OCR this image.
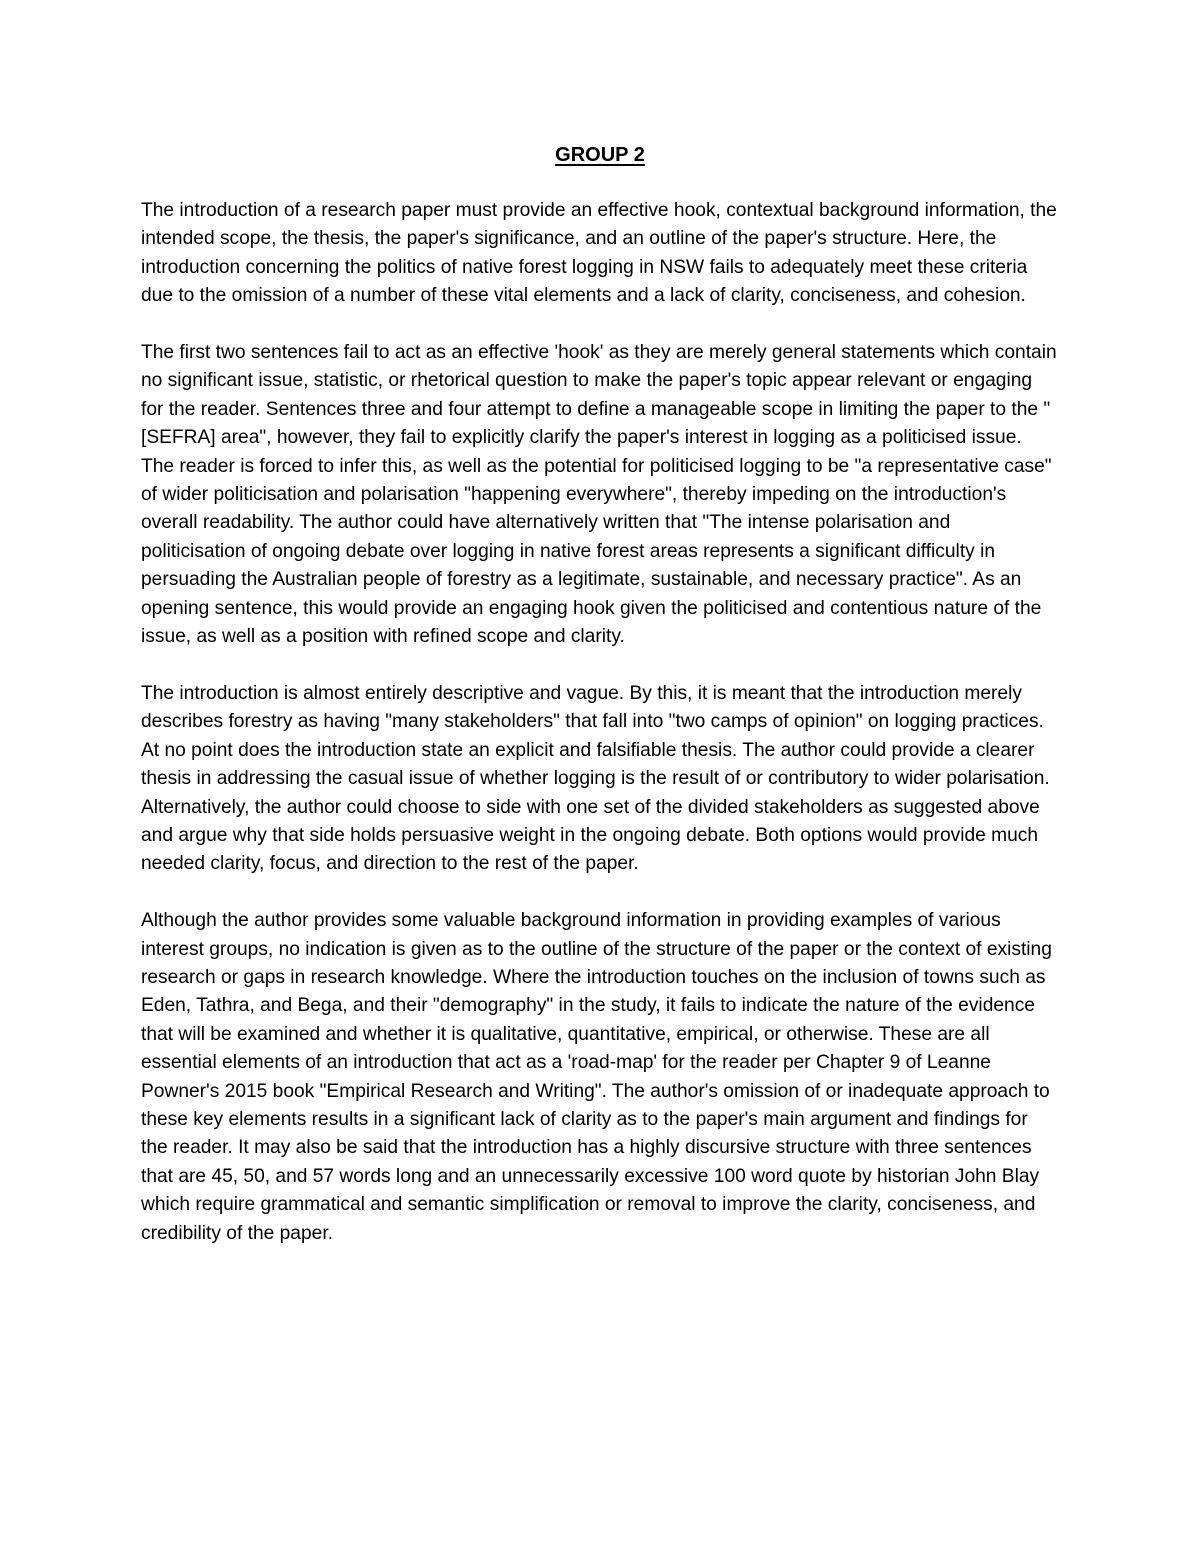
GROUP 2

The introduction of a research paper must provide an effective hook, contextual background information, the intended scope, the thesis, the paper's significance, and an outline of the paper's structure. Here, the introduction concerning the politics of native forest logging in NSW fails to adequately meet these criteria due to the omission of a number of these vital elements and a lack of clarity, conciseness, and cohesion.

The first two sentences fail to act as an effective 'hook' as they are merely general statements which contain no significant issue, statistic, or rhetorical question to make the paper's topic appear relevant or engaging for the reader. Sentences three and four attempt to define a manageable scope in limiting the paper to the "[SEFRA] area", however, they fail to explicitly clarify the paper's interest in logging as a politicised issue. The reader is forced to infer this, as well as the potential for politicised logging to be "a representative case" of wider politicisation and polarisation "happening everywhere", thereby impeding on the introduction's overall readability. The author could have alternatively written that "The intense polarisation and politicisation of ongoing debate over logging in native forest areas represents a significant difficulty in persuading the Australian people of forestry as a legitimate, sustainable, and necessary practice". As an opening sentence, this would provide an engaging hook given the politicised and contentious nature of the issue, as well as a position with refined scope and clarity.

The introduction is almost entirely descriptive and vague. By this, it is meant that the introduction merely describes forestry as having "many stakeholders" that fall into "two camps of opinion" on logging practices. At no point does the introduction state an explicit and falsifiable thesis. The author could provide a clearer thesis in addressing the casual issue of whether logging is the result of or contributory to wider polarisation. Alternatively, the author could choose to side with one set of the divided stakeholders as suggested above and argue why that side holds persuasive weight in the ongoing debate. Both options would provide much needed clarity, focus, and direction to the rest of the paper.

Although the author provides some valuable background information in providing examples of various interest groups, no indication is given as to the outline of the structure of the paper or the context of existing research or gaps in research knowledge. Where the introduction touches on the inclusion of towns such as Eden, Tathra, and Bega, and their "demography" in the study, it fails to indicate the nature of the evidence that will be examined and whether it is qualitative, quantitative, empirical, or otherwise. These are all essential elements of an introduction that act as a 'road-map' for the reader per Chapter 9 of Leanne Powner's 2015 book "Empirical Research and Writing". The author's omission of or inadequate approach to these key elements results in a significant lack of clarity as to the paper's main argument and findings for the reader. It may also be said that the introduction has a highly discursive structure with three sentences that are 45, 50, and 57 words long and an unnecessarily excessive 100 word quote by historian John Blay which require grammatical and semantic simplification or removal to improve the clarity, conciseness, and credibility of the paper.
